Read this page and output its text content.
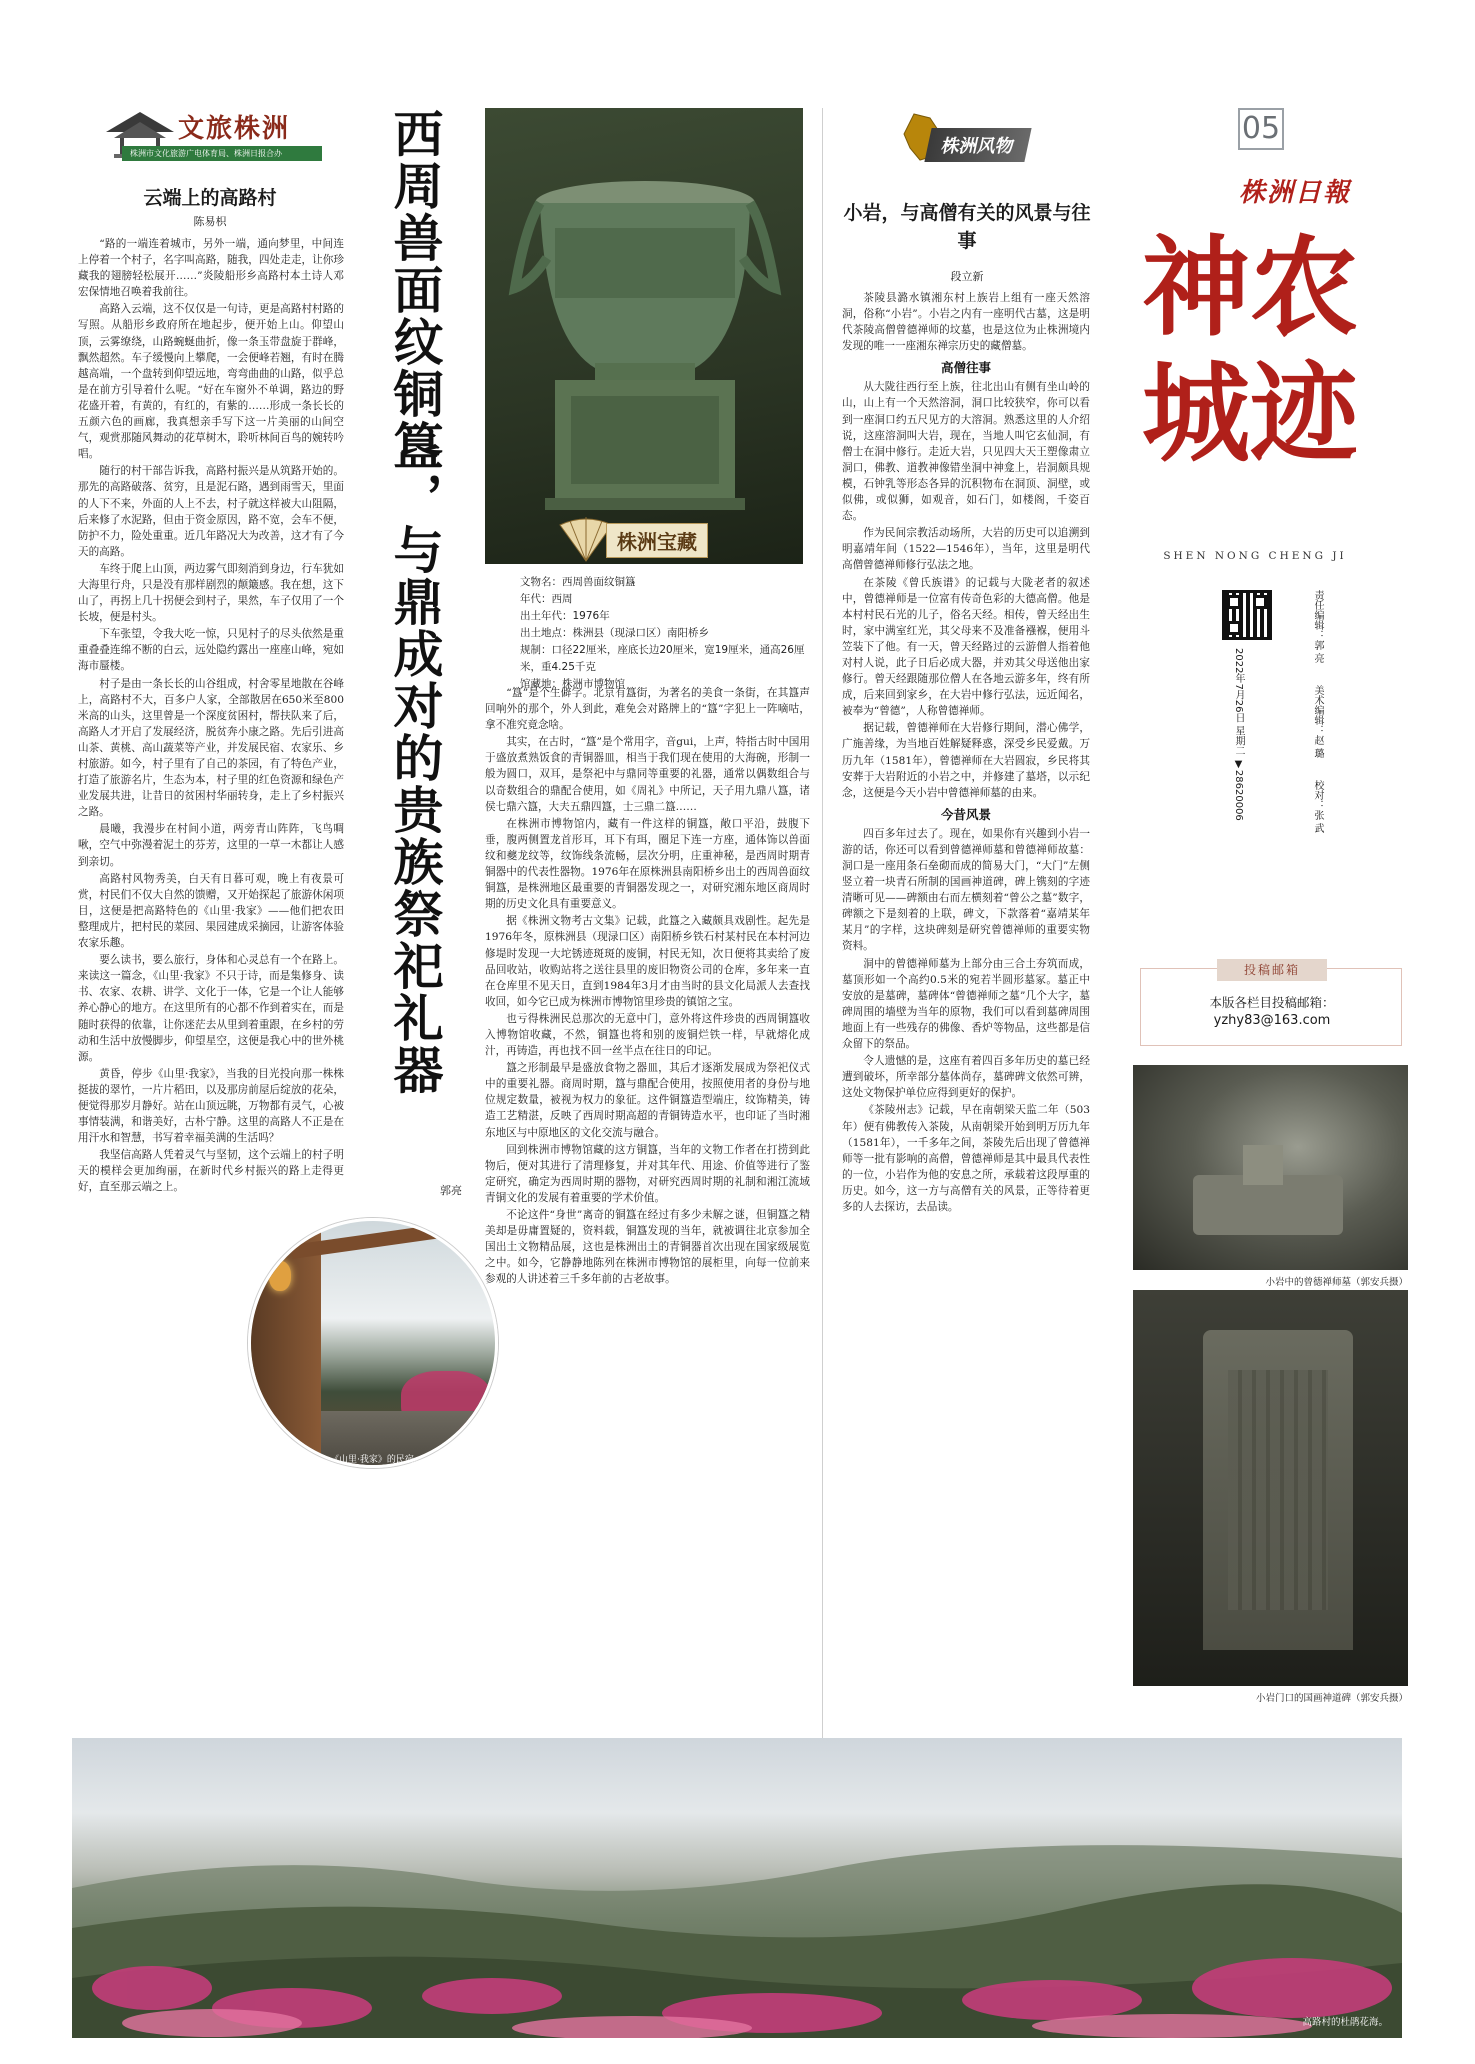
文旅株洲
株洲市文化旅游广电体育局、株洲日报合办
云端上的高路村
陈易枳

“路的一端连着城市，另外一端，通向梦里，中间连上停着一个村子，名字叫高路，随我，四处走走，让你珍藏我的翅膀轻松展开……”炎陵船形乡高路村本土诗人邓宏保情地召唤着我前往。

高路入云端，这不仅仅是一句诗，更是高路村村路的写照。从船形乡政府所在地起步，便开始上山。仰望山顶，云雾缭绕，山路蜿蜒曲折，像一条玉带盘旋于群峰，飘然超然。车子缓慢向上攀爬，一会便峰若翘，有时在腾越高端，一个盘转到仰望远地，弯弯曲曲的山路，似乎总是在前方引导着什么呢。“好在车窗外不单调，路边的野花盛开着，有黄的，有红的，有紫的……形成一条长长的五颜六色的画廊，我真想亲手写下这一片美丽的山间空气，观赏那随风舞动的花草树木，聆听林间百鸟的婉转吟唱。

随行的村干部告诉我，高路村振兴是从筑路开始的。那先的高路破落、贫穷，且是泥石路，遇到雨雪天，里面的人下不来，外面的人上不去，村子就这样被大山阻隔，后来修了水泥路，但由于资金原因，路不宽，会车不便，防护不力，险处重重。近几年路况大为改善，这才有了今天的高路。

车终于爬上山顶，两边雾气即刻消到身边，行车犹如大海里行舟，只是没有那样剧烈的颠簸感。我在想，这下山了，再拐上几十拐便会到村子，果然，车子仅用了一个长坡，便是村头。

下车张望，令我大吃一惊，只见村子的尽头依然是重重叠叠连绵不断的白云，远处隐约露出一座座山峰，宛如海市蜃楼。

村子是由一条长长的山谷组成，村舍零星地散在谷峰上，高路村不大，百多户人家，全部散居在650米至800米高的山头，这里曾是一个深度贫困村，帮扶队来了后，高路人才开启了发展经济，脱贫奔小康之路。先后引进高山茶、黄桃、高山蔬菜等产业，并发展民宿、农家乐、乡村旅游。如今，村子里有了自己的茶园，有了特色产业，打造了旅游名片，生态为本，村子里的红色资源和绿色产业发展共进，让昔日的贫困村华丽转身，走上了乡村振兴之路。

晨曦，我漫步在村间小道，两旁青山阵阵，飞鸟啁啾，空气中弥漫着泥土的芬芳，这里的一草一木都让人感到亲切。

高路村风物秀美，白天有日暮可观，晚上有夜景可赏，村民们不仅大自然的馈赠，又开始探起了旅游休闲项目，这便是把高路特色的《山里·我家》——他们把农田整理成片，把村民的菜园、果园建成采摘园，让游客体验农家乐趣。

要么读书，要么旅行，身体和心灵总有一个在路上。来读这一篇念，《山里·我家》不只于诗，而是集修身、读书、农家、农耕、讲学、文化于一体，它是一个让人能够养心静心的地方。在这里所有的心都不作到着实在，而是随时获得的依靠，让你迷茫去从里到着重跟，在乡村的劳动和生活中放慢脚步，仰望星空，这便是我心中的世外桃源。

黄昏，停步《山里·我家》，当我的目光投向那一株株挺拔的翠竹，一片片稻田，以及那房前屋后绽放的花朵，便觉得那岁月静好。站在山顶远眺，万物都有灵气，心被事情装满，和谐美好，古朴宁静。这里的高路人不正是在用汗水和智慧，书写着幸福美满的生活吗？

我坚信高路人凭着灵气与坚韧，这个云端上的村子明天的模样会更加绚丽，在新时代乡村振兴的路上走得更好，直至那云端之上。

《山里·我家》的民宿。
西周兽面纹铜簋，与鼎成对的贵族祭祀礼器
郭亮
株洲宝藏
文物名：西周兽面纹铜簋
年代：西周
出土年代：1976年
出土地点：株洲县（现渌口区）南阳桥乡
规制：口径22厘米，座底长边20厘米，宽19厘米，通高26厘米，重4.25千克
馆藏地：株洲市博物馆

“簋”是个生僻字。北京有簋街，为著名的美食一条街，在其簋声回响外的那个，外人到此，难免会对路牌上的“簋”字犯上一阵嘀咕，拿不准究竟念啥。

其实，在古时，“簋”是个常用字，音gui，上声，特指古时中国用于盛放煮熟饭食的青铜器皿，相当于我们现在使用的大海碗，形制一般为圆口，双耳，是祭祀中与鼎同等重要的礼器，通常以偶数组合与以奇数组合的鼎配合使用，如《周礼》中所记，天子用九鼎八簋，诸侯七鼎六簋，大夫五鼎四簋，士三鼎二簋……

在株洲市博物馆内，藏有一件这样的铜簋，敞口平沿，鼓腹下垂，腹两侧置龙首形耳，耳下有珥，圈足下连一方座，通体饰以兽面纹和夔龙纹等，纹饰线条流畅，层次分明，庄重神秘，是西周时期青铜器中的代表性器物。1976年在原株洲县南阳桥乡出土的西周兽面纹铜簋，是株洲地区最重要的青铜器发现之一，对研究湘东地区商周时期的历史文化具有重要意义。

据《株洲文物考古文集》记载，此簋之入藏颇具戏剧性。起先是1976年冬，原株洲县（现渌口区）南阳桥乡铁石村某村民在本村河边修堤时发现一大坨锈迹斑斑的废铜，村民无知，次日便将其卖给了废品回收站，收购站将之送往县里的废旧物资公司的仓库，多年来一直在仓库里不见天日，直到1984年3月才由当时的县文化局派人去查找收回，如今它已成为株洲市博物馆里珍贵的镇馆之宝。

也亏得株洲民总那次的无意中门，意外将这件珍贵的西周铜簋收入博物馆收藏，不然，铜簋也将和别的废铜烂铁一样，早就熔化成汁，再铸造，再也找不回一丝半点在往日的印记。

簋之形制最早是盛放食物之器皿，其后才逐渐发展成为祭祀仪式中的重要礼器。商周时期，簋与鼎配合使用，按照使用者的身份与地位规定数量，被视为权力的象征。这件铜簋造型端庄，纹饰精美，铸造工艺精湛，反映了西周时期高超的青铜铸造水平，也印证了当时湘东地区与中原地区的文化交流与融合。

回到株洲市博物馆藏的这方铜簋，当年的文物工作者在打捞到此物后，便对其进行了清理修复，并对其年代、用途、价值等进行了鉴定研究，确定为西周时期的器物，对研究西周时期的礼制和湘江流域青铜文化的发展有着重要的学术价值。

不论这件“身世”离奇的铜簋在经过有多少未解之谜，但铜簋之精美却是毋庸置疑的，资料载，铜簋发现的当年，就被调往北京参加全国出土文物精品展，这也是株洲出土的青铜器首次出现在国家级展览之中。如今，它静静地陈列在株洲市博物馆的展柜里，向每一位前来参观的人讲述着三千多年前的古老故事。

株洲风物
小岩，与高僧有关的风景与往事
段立新

茶陵县潞水镇湘东村上族岩上组有一座天然溶洞，俗称“小岩”。小岩之内有一座明代古墓，这是明代茶陵高僧曾德禅师的坟墓，也是这位为止株洲境内发现的唯一一座湘东禅宗历史的藏僧墓。

高僧往事

从大陇往西行至上族，往北出山有侧有坐山岭的山，山上有一个天然溶洞，洞口比较狭窄，你可以看到一座洞口约五尺见方的大溶洞。熟悉这里的人介绍说，这座溶洞叫大岩，现在，当地人叫它玄仙洞，有僧士在洞中修行。走近大岩，只见四大天王塑像肃立洞口，佛教、道教神像错坐洞中神龛上，岩洞颇具规模，石钟乳等形态各异的沉积物布在洞顶、洞壁，或似佛，或似狮，如观音，如石门，如楼阁，千姿百态。

作为民间宗教活动场所，大岩的历史可以追溯到明嘉靖年间（1522—1546年），当年，这里是明代高僧曾德禅师修行弘法之地。

在茶陵《曾氏族谱》的记载与大陇老者的叙述中，曾德禅师是一位富有传奇色彩的大德高僧。他是本村村民石光的儿子，俗名天经。相传，曾天经出生时，家中满室红光，其父母来不及准备襁褓，便用斗笠装下了他。有一天，曾天经路过的云游僧人指着他对村人说，此子日后必成大器，并劝其父母送他出家修行。曾天经跟随那位僧人在各地云游多年，终有所成，后来回到家乡，在大岩中修行弘法，远近闻名，被奉为“曾德”，人称曾德禅师。

据记载，曾德禅师在大岩修行期间，潜心佛学，广施善缘，为当地百姓解疑释惑，深受乡民爱戴。万历九年（1581年），曾德禅师在大岩圆寂，乡民将其安葬于大岩附近的小岩之中，并修建了墓塔，以示纪念，这便是今天小岩中曾德禅师墓的由来。

今昔风景

四百多年过去了。现在，如果你有兴趣到小岩一游的话，你还可以看到曾德禅师墓和曾德禅师故墓：洞口是一座用条石垒砌而成的简易大门，“大门”左侧竖立着一块青石所制的国画神道碑，碑上镌刻的字迹清晰可见——碑额由右而左横刻着“曾公之墓”数字，碑额之下是刻着的上联，碑文，下款落着“嘉靖某年某月”的字样，这块碑刻是研究曾德禅师的重要实物资料。

洞中的曾德禅师墓为上部分由三合土夯筑而成，墓顶形如一个高约0.5米的宛若半圆形墓冢。墓正中安放的是墓碑，墓碑体“曾德禅师之墓”几个大字，墓碑周围的墙壁为当年的原物，我们可以看到墓碑周围地面上有一些残存的佛像、香炉等物品，这些都是信众留下的祭品。

令人遗憾的是，这座有着四百多年历史的墓已经遭到破坏，所幸部分墓体尚存，墓碑碑文依然可辨，这处文物保护单位应得到更好的保护。

《茶陵州志》记载，早在南朝梁天监二年（503年）便有佛教传入茶陵，从南朝梁开始到明万历九年（1581年），一千多年之间，茶陵先后出现了曾德禅师等一批有影响的高僧，曾德禅师是其中最具代表性的一位，小岩作为他的安息之所，承载着这段厚重的历史。如今，这一方与高僧有关的风景，正等待着更多的人去探访，去品读。

05
株洲日報
神农城迹
SHEN NONG CHENG JI
责任编辑：郭 亮
美术编辑：赵 璐
校对：张 武
2022年7月26日 星期二 ▼28620006
投稿邮箱
本版各栏目投稿邮箱：
yzhy83@163.com
小岩中的曾德禅师墓（郭安兵摄）
小岩门口的国画神道碑（郭安兵摄）
高路村的杜鹃花海。
